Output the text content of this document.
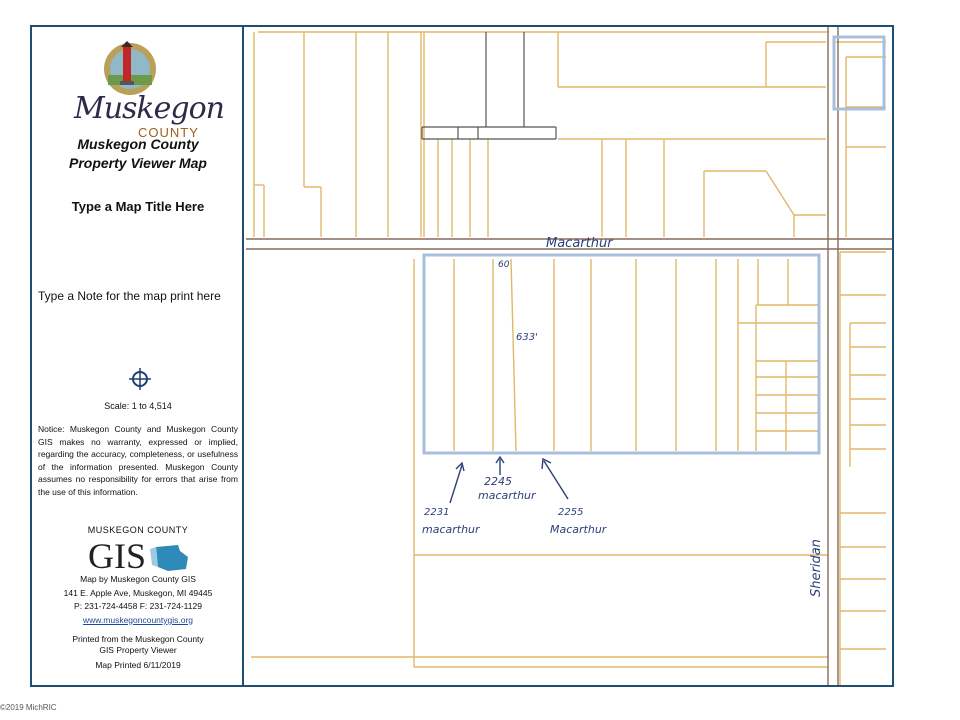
Muskegon
COUNTY
Muskegon County
Property Viewer Map
Type a Map Title Here
Type a Note for the map print here
Scale: 1 to 4,514
Notice: Muskegon County and Muskegon County GIS makes no warranty, expressed or implied, regarding the accuracy, completeness, or usefulness of the information presented. Muskegon County assumes no responsibility for errors that arise from the use of this information.
MUSKEGON COUNTY
GIS
Map by Muskegon County GIS
141 E. Apple Ave, Muskegon, MI 49445
P: 231-724-4458 F: 231-724-1129
www.muskegoncountygis.org
Printed from the Muskegon County
GIS Property Viewer
Map Printed 6/11/2019
Macarthur
60
633'
2231
macarthur
2245
macarthur
2255
Macarthur
Sheridan
©2019 MichRIC
